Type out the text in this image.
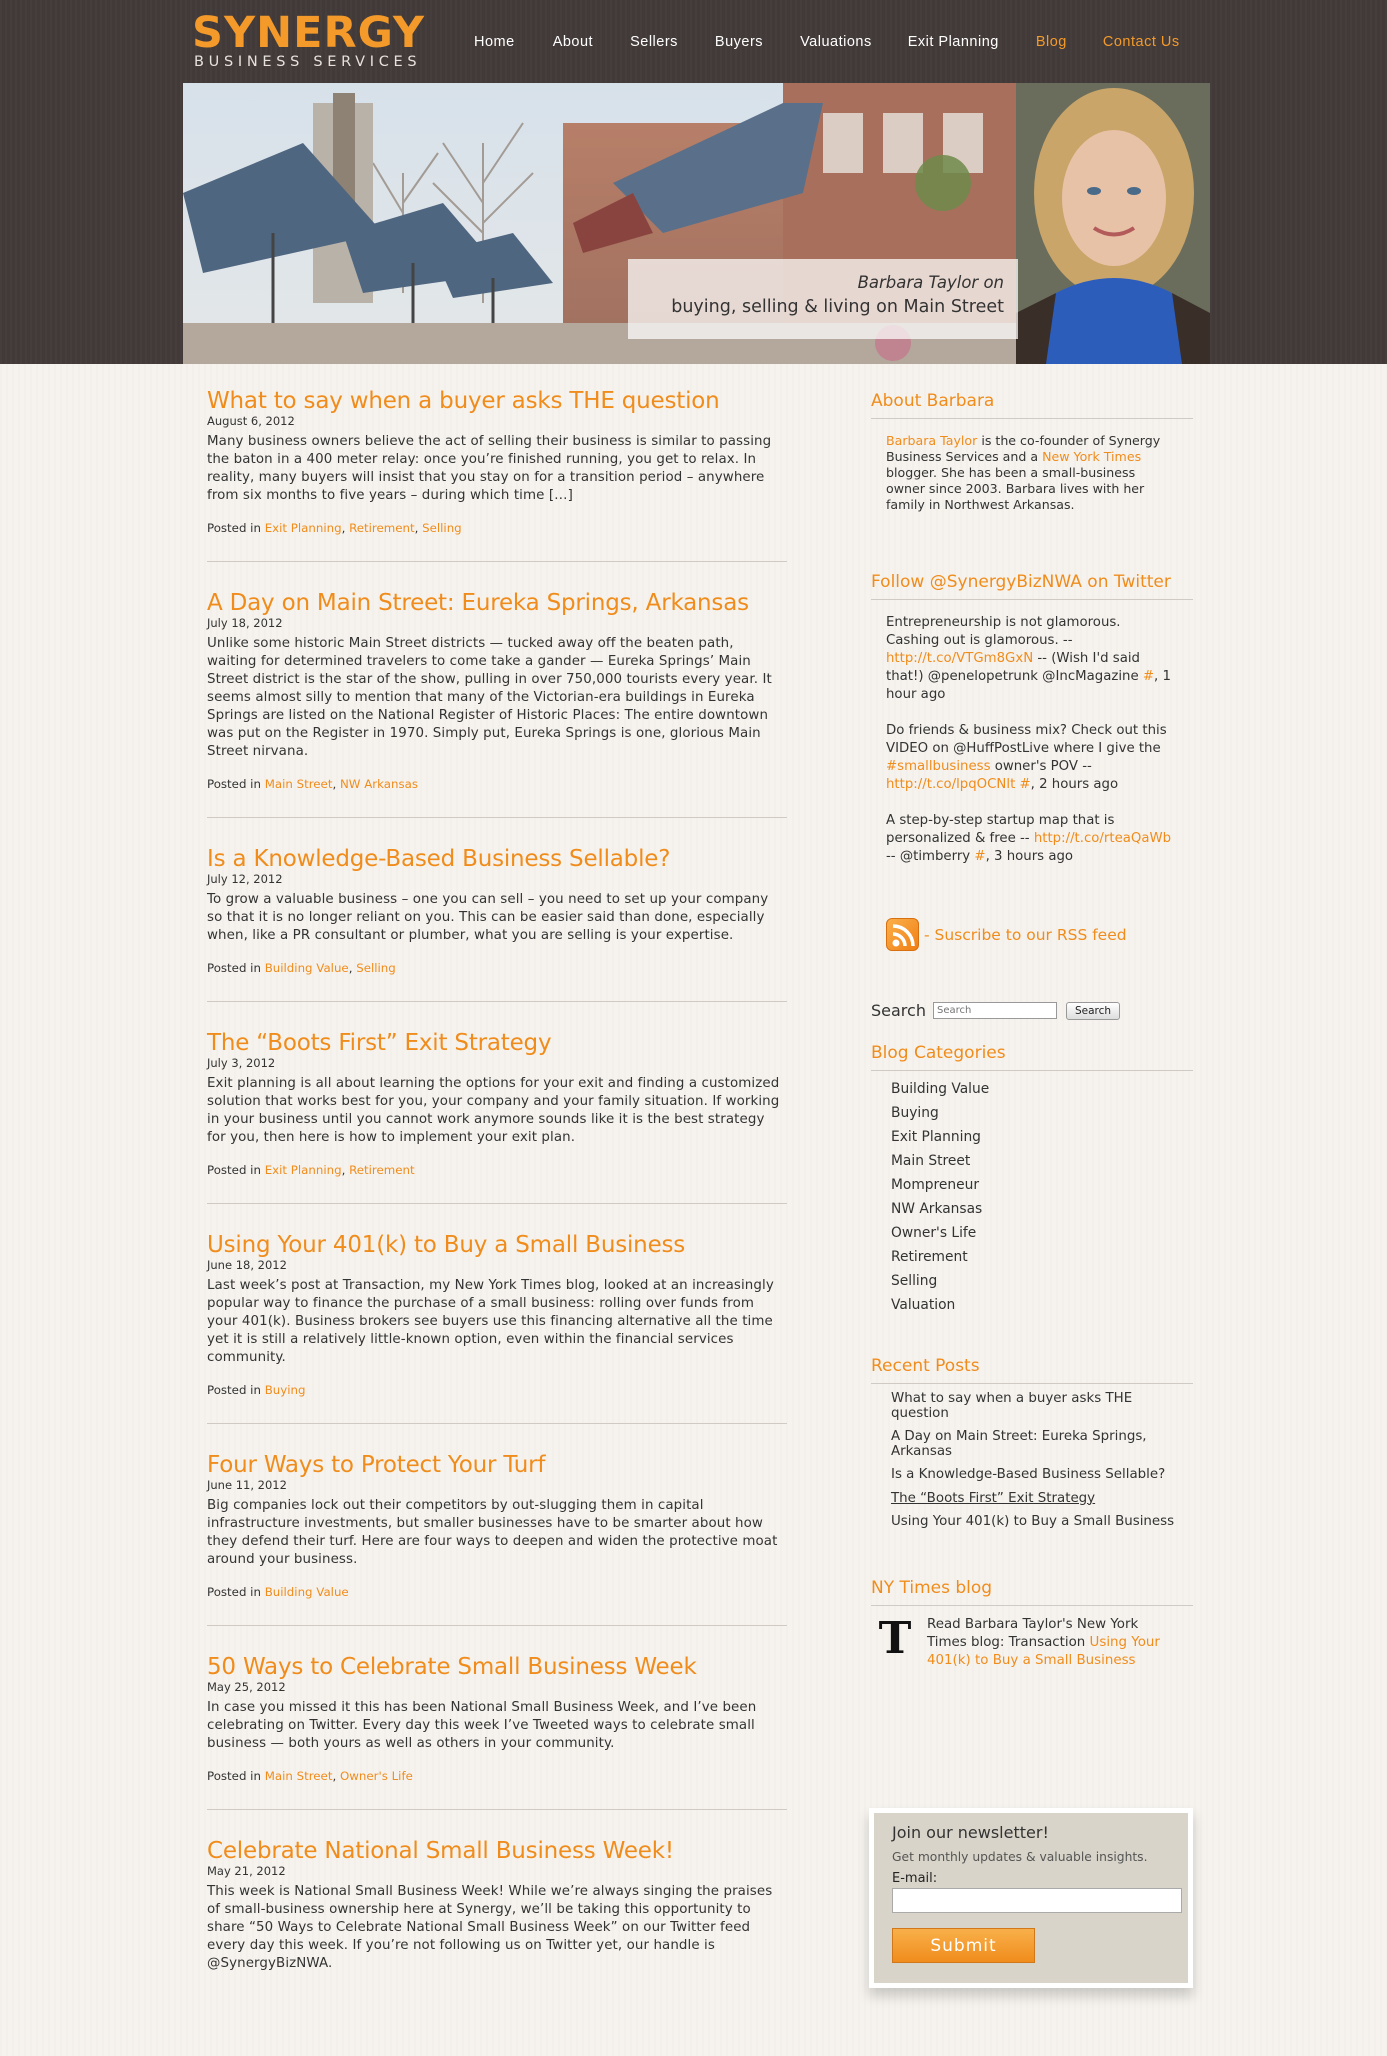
SYNERGY
BUSINESS SERVICES
Home	About	Sellers	Buyers	Valuations Exit Planning	Blog Contact Us
Barbara Taylor on
buying, selling & living on Main Street
What to say when a buyer asks THE question
August 6, 2012
Many business owners believe the act of selling their business is similar to passing the baton in a 400 meter relay: once you’re finished running, you get to relax. In reality, many buyers will insist that you stay on for a transition period – anywhere from six months to five years – during which time […]
Posted in Exit Planning, Retirement, Selling
A Day on Main Street: Eureka Springs, Arkansas
July 18, 2012
Unlike some historic Main Street districts — tucked away off the beaten path, waiting for determined travelers to come take a gander — Eureka Springs’ Main Street district is the star of the show, pulling in over 750,000 tourists every year. It seems almost silly to mention that many of the Victorian-era buildings in Eureka Springs are listed on the National Register of Historic Places: The entire downtown was put on the Register in 1970. Simply put, Eureka Springs is one, glorious Main Street nirvana.
Posted in Main Street, NW Arkansas
Is a Knowledge-Based Business Sellable?
July 12, 2012
To grow a valuable business – one you can sell – you need to set up your company so that it is no longer reliant on you. This can be easier said than done, especially when, like a PR consultant or plumber, what you are selling is your expertise.
Posted in Building Value, Selling
The “Boots First” Exit Strategy
July 3, 2012
Exit planning is all about learning the options for your exit and finding a customized solution that works best for you, your company and your family situation. If working in your business until you cannot work anymore sounds like it is the best strategy for you, then here is how to implement your exit plan.
Posted in Exit Planning, Retirement
Using Your 401(k) to Buy a Small Business
June 18, 2012
Last week’s post at Transaction, my New York Times blog, looked at an increasingly popular way to finance the purchase of a small business: rolling over funds from your 401(k). Business brokers see buyers use this financing alternative all the time yet it is still a relatively little-known option, even within the financial services community.
Posted in Buying
Four Ways to Protect Your Turf
June 11, 2012
Big companies lock out their competitors by out-slugging them in capital infrastructure investments, but smaller businesses have to be smarter about how they defend their turf. Here are four ways to deepen and widen the protective moat around your business.
Posted in Building Value
50 Ways to Celebrate Small Business Week
May 25, 2012
In case you missed it this has been National Small Business Week, and I’ve been celebrating on Twitter. Every day this week I’ve Tweeted ways to celebrate small business — both yours as well as others in your community.
Posted in Main Street, Owner's Life
Celebrate National Small Business Week!
May 21, 2012
This week is National Small Business Week! While we’re always singing the praises of small-business ownership here at Synergy, we’ll be taking this opportunity to share “50 Ways to Celebrate National Small Business Week” on our Twitter feed every day this week. If you’re not following us on Twitter yet, our handle is @SynergyBizNWA.
About Barbara
Barbara Taylor is the co-founder of Synergy Business Services and a New York Times blogger. She has been a small-business owner since 2003. Barbara lives with her family in Northwest Arkansas.
Follow @SynergyBizNWA on Twitter
Entrepreneurship is not glamorous. Cashing out is glamorous. -- http://t.co/VTGm8GxN -- (Wish I'd said that!) @penelopetrunk @IncMagazine #, 1 hour ago
Do friends & business mix? Check out this VIDEO on @HuffPostLive where I give the #smallbusiness owner's POV -- http://t.co/lpqOCNlt #, 2 hours ago
A step-by-step startup map that is personalized & free -- http://t.co/rteaQaWb -- @timberry #, 3 hours ago
- Suscribe to our RSS feed
Search
Search	Search
Blog Categories
Building Value
Buying
Exit Planning
Main Street
Mompreneur
NW Arkansas
Owner's Life
Retirement
Selling
Valuation
Recent Posts
What to say when a buyer asks THE question
A Day on Main Street: Eureka Springs, Arkansas
Is a Knowledge-Based Business Sellable?
The “Boots First” Exit Strategy
Using Your 401(k) to Buy a Small Business
NY Times blog
T Read Barbara Taylor's New York Times blog: Transaction Using Your 401(k) to Buy a Small Business
Join our newsletter!
Get monthly updates & valuable insights.
E-mail:
Submit
